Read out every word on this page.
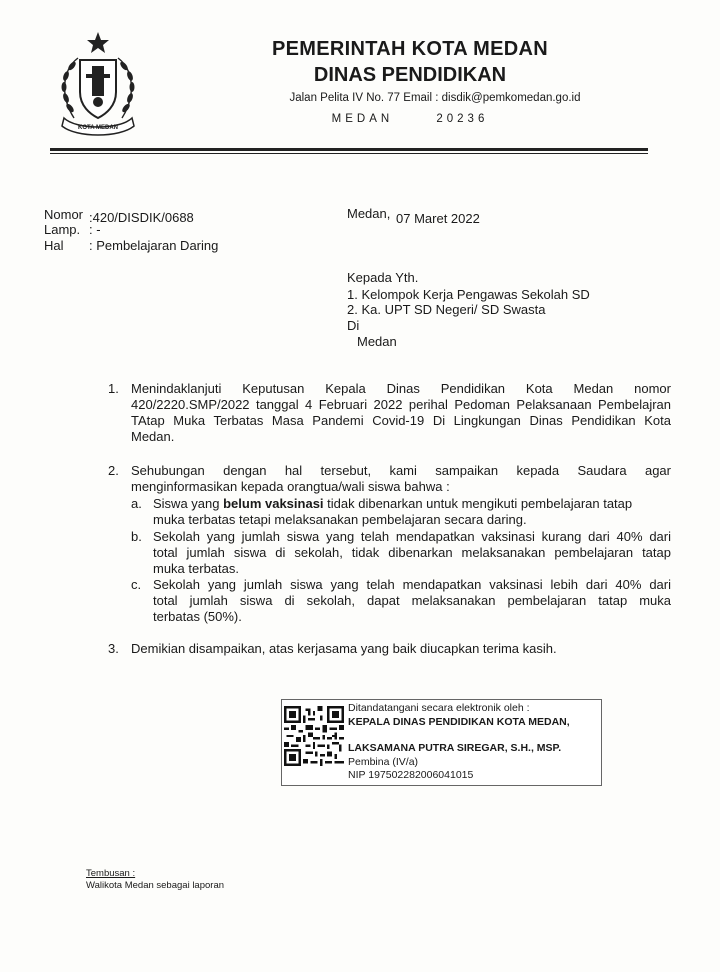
KOTA MEDAN
PEMERINTAH KOTA MEDAN
DINAS PENDIDIKAN
Jalan Pelita IV No. 77 Email : disdik@pemkomedan.go.id
MEDAN      20236
Nomor :420/DISDIK/0688
Lamp. : -
Hal : Pembelajaran Daring
Medan, 07 Maret 2022
Kepada Yth.
1. Kelompok Kerja Pengawas Sekolah SD
2. Ka. UPT SD Negeri/ SD Swasta
Di
Medan
1. Menindaklanjuti Keputusan Kepala Dinas Pendidikan Kota Medan nomor
420/2220.SMP/2022 tanggal 4 Februari 2022 perihal Pedoman Pelaksanaan Pembelajran
TAtap Muka Terbatas Masa Pandemi Covid-19 Di Lingkungan Dinas Pendidikan Kota
Medan.
2. Sehubungan dengan hal tersebut, kami sampaikan kepada Saudara agar
menginformasikan kepada orangtua/wali siswa bahwa :
a. Siswa yang belum vaksinasi tidak dibenarkan untuk mengikuti pembelajaran tatap
muka terbatas tetapi melaksanakan pembelajaran secara daring.
b. Sekolah yang jumlah siswa yang telah mendapatkan vaksinasi kurang dari 40% dari
total jumlah siswa di sekolah, tidak dibenarkan melaksanakan pembelajaran tatap
muka terbatas.
c. Sekolah yang jumlah siswa yang telah mendapatkan vaksinasi lebih dari 40% dari
total jumlah siswa di sekolah, dapat melaksanakan pembelajaran tatap muka
terbatas (50%).
3. Demikian disampaikan, atas kerjasama yang baik diucapkan terima kasih.
Ditandatangani secara elektronik oleh :
KEPALA DINAS PENDIDIKAN KOTA MEDAN,
LAKSAMANA PUTRA SIREGAR, S.H., MSP.
Pembina (IV/a)
NIP 197502282006041015
Tembusan :
Walikota Medan sebagai laporan
